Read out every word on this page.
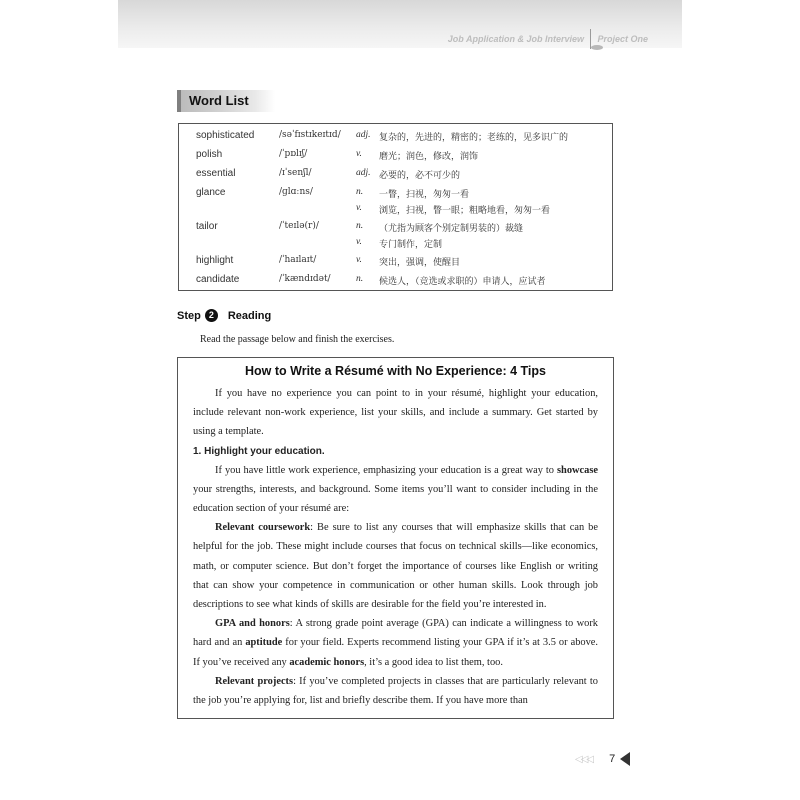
Job Application & Job Interview Project One
Word List
sophisticated	/səˈfɪstɪkeɪtɪd/ adj. 复杂的，先进的，精密的；老练的，见多识广的
polish	/ˈpɒlɪʃ/	v. 磨光；润色，修改，润饰
essential	/ɪˈsenʃl/	adj. 必要的，必不可少的
glance	/ɡlɑːns/	n. 一瞥，扫视，匆匆一看
v. 浏览，扫视，瞥一眼；粗略地看，匆匆一看
tailor	/ˈteɪlə(r)/	n. （尤指为顾客个别定制男装的）裁缝
v. 专门制作，定制
highlight	/ˈhaɪlaɪt/	v. 突出，强调，使醒目
candidate	/ˈkændɪdət/	n. 候选人，（竞选或求职的）申请人，应试者
Step 2	Reading
Read the passage below and finish the exercises.
How to Write a Résumé with No Experience: 4 Tips

If you have no experience you can point to in your résumé, highlight your education, include relevant non-work experience, list your skills, and include a summary. Get started by using a template.

1. Highlight your education.

If you have little work experience, emphasizing your education is a great way to showcase your strengths, interests, and background. Some items you’ll want to consider including in the education section of your résumé are:

Relevant coursework: Be sure to list any courses that will emphasize skills that can be helpful for the job. These might include courses that focus on technical skills—like economics, math, or computer science. But don’t forget the importance of courses like English or writing that can show your competence in communication or other human skills. Look through job descriptions to see what kinds of skills are desirable for the field you’re interested in.

GPA and honors: A strong grade point average (GPA) can indicate a willingness to work hard and an aptitude for your field. Experts recommend listing your GPA if it’s at 3.5 or above. If you’ve received any academic honors, it’s a good idea to list them, too.

Relevant projects: If you’ve completed projects in classes that are particularly relevant to the job you’re applying for, list and briefly describe them. If you have more than

◁◁◁ 7
